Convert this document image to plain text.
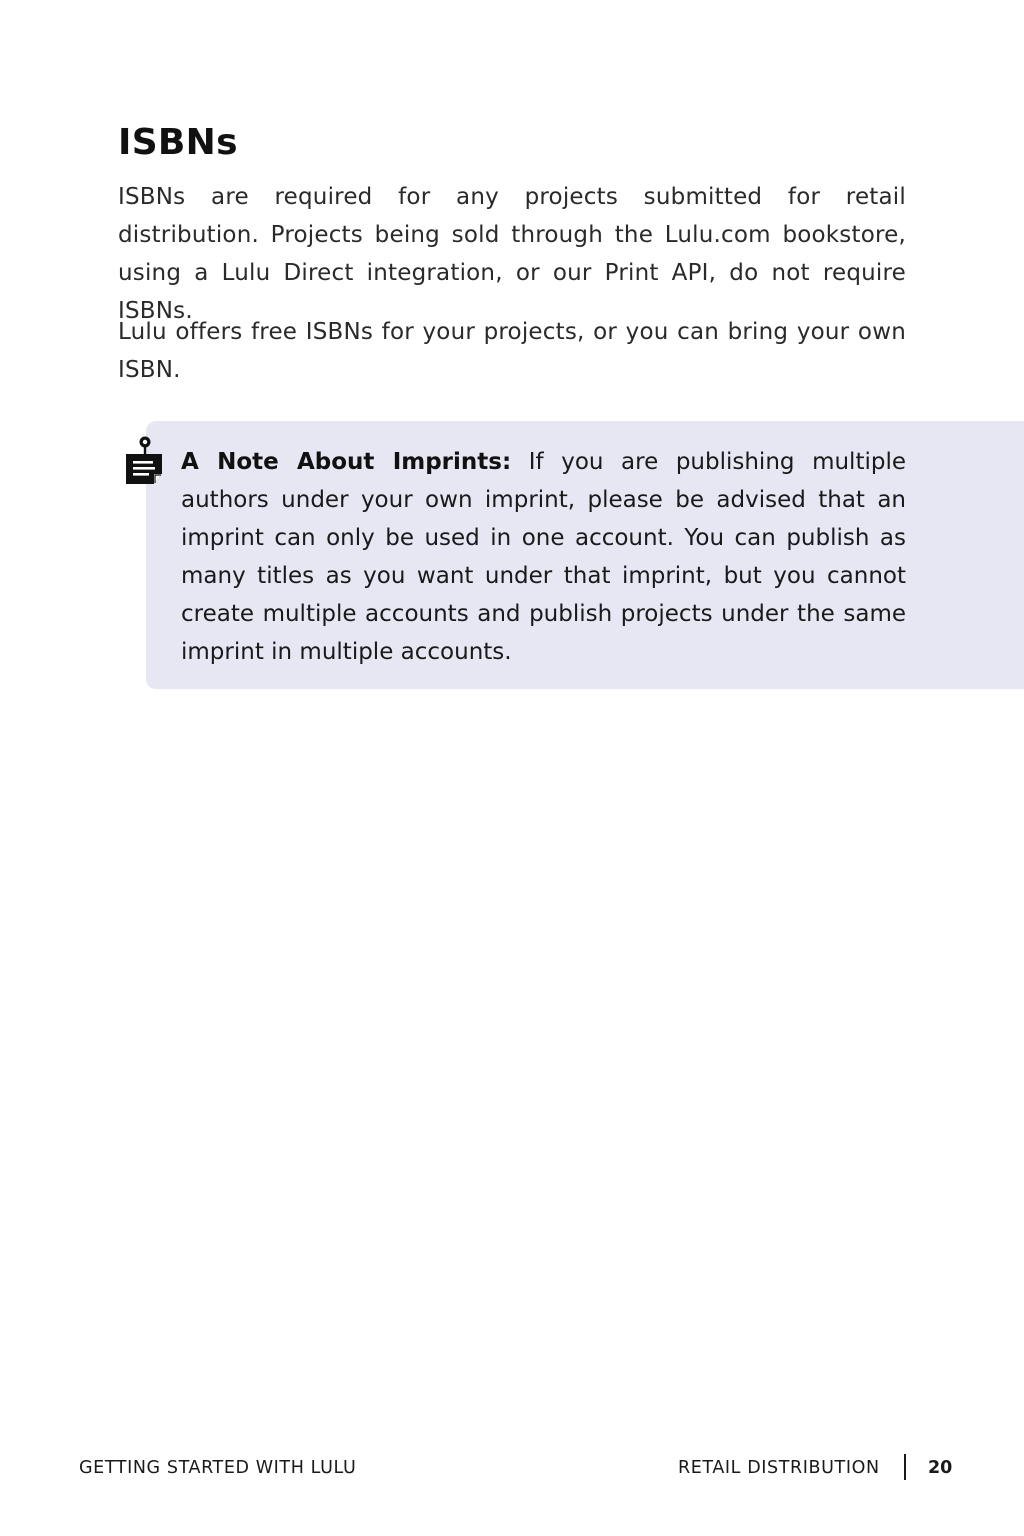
ISBNs

ISBNs are required for any projects submitted for retail distribution. Projects being sold through the Lulu.com bookstore, using a Lulu Direct integration, or our Print API, do not require ISBNs.

Lulu offers free ISBNs for your projects, or you can bring your own ISBN.

A Note About Imprints: If you are publishing multiple authors under your own imprint, please be advised that an imprint can only be used in one account. You can publish as many titles as you want under that imprint, but you cannot create multiple accounts and publish projects under the same imprint in multiple accounts.

GETTING STARTED WITH LULU	RETAIL DISTRIBUTION	20
